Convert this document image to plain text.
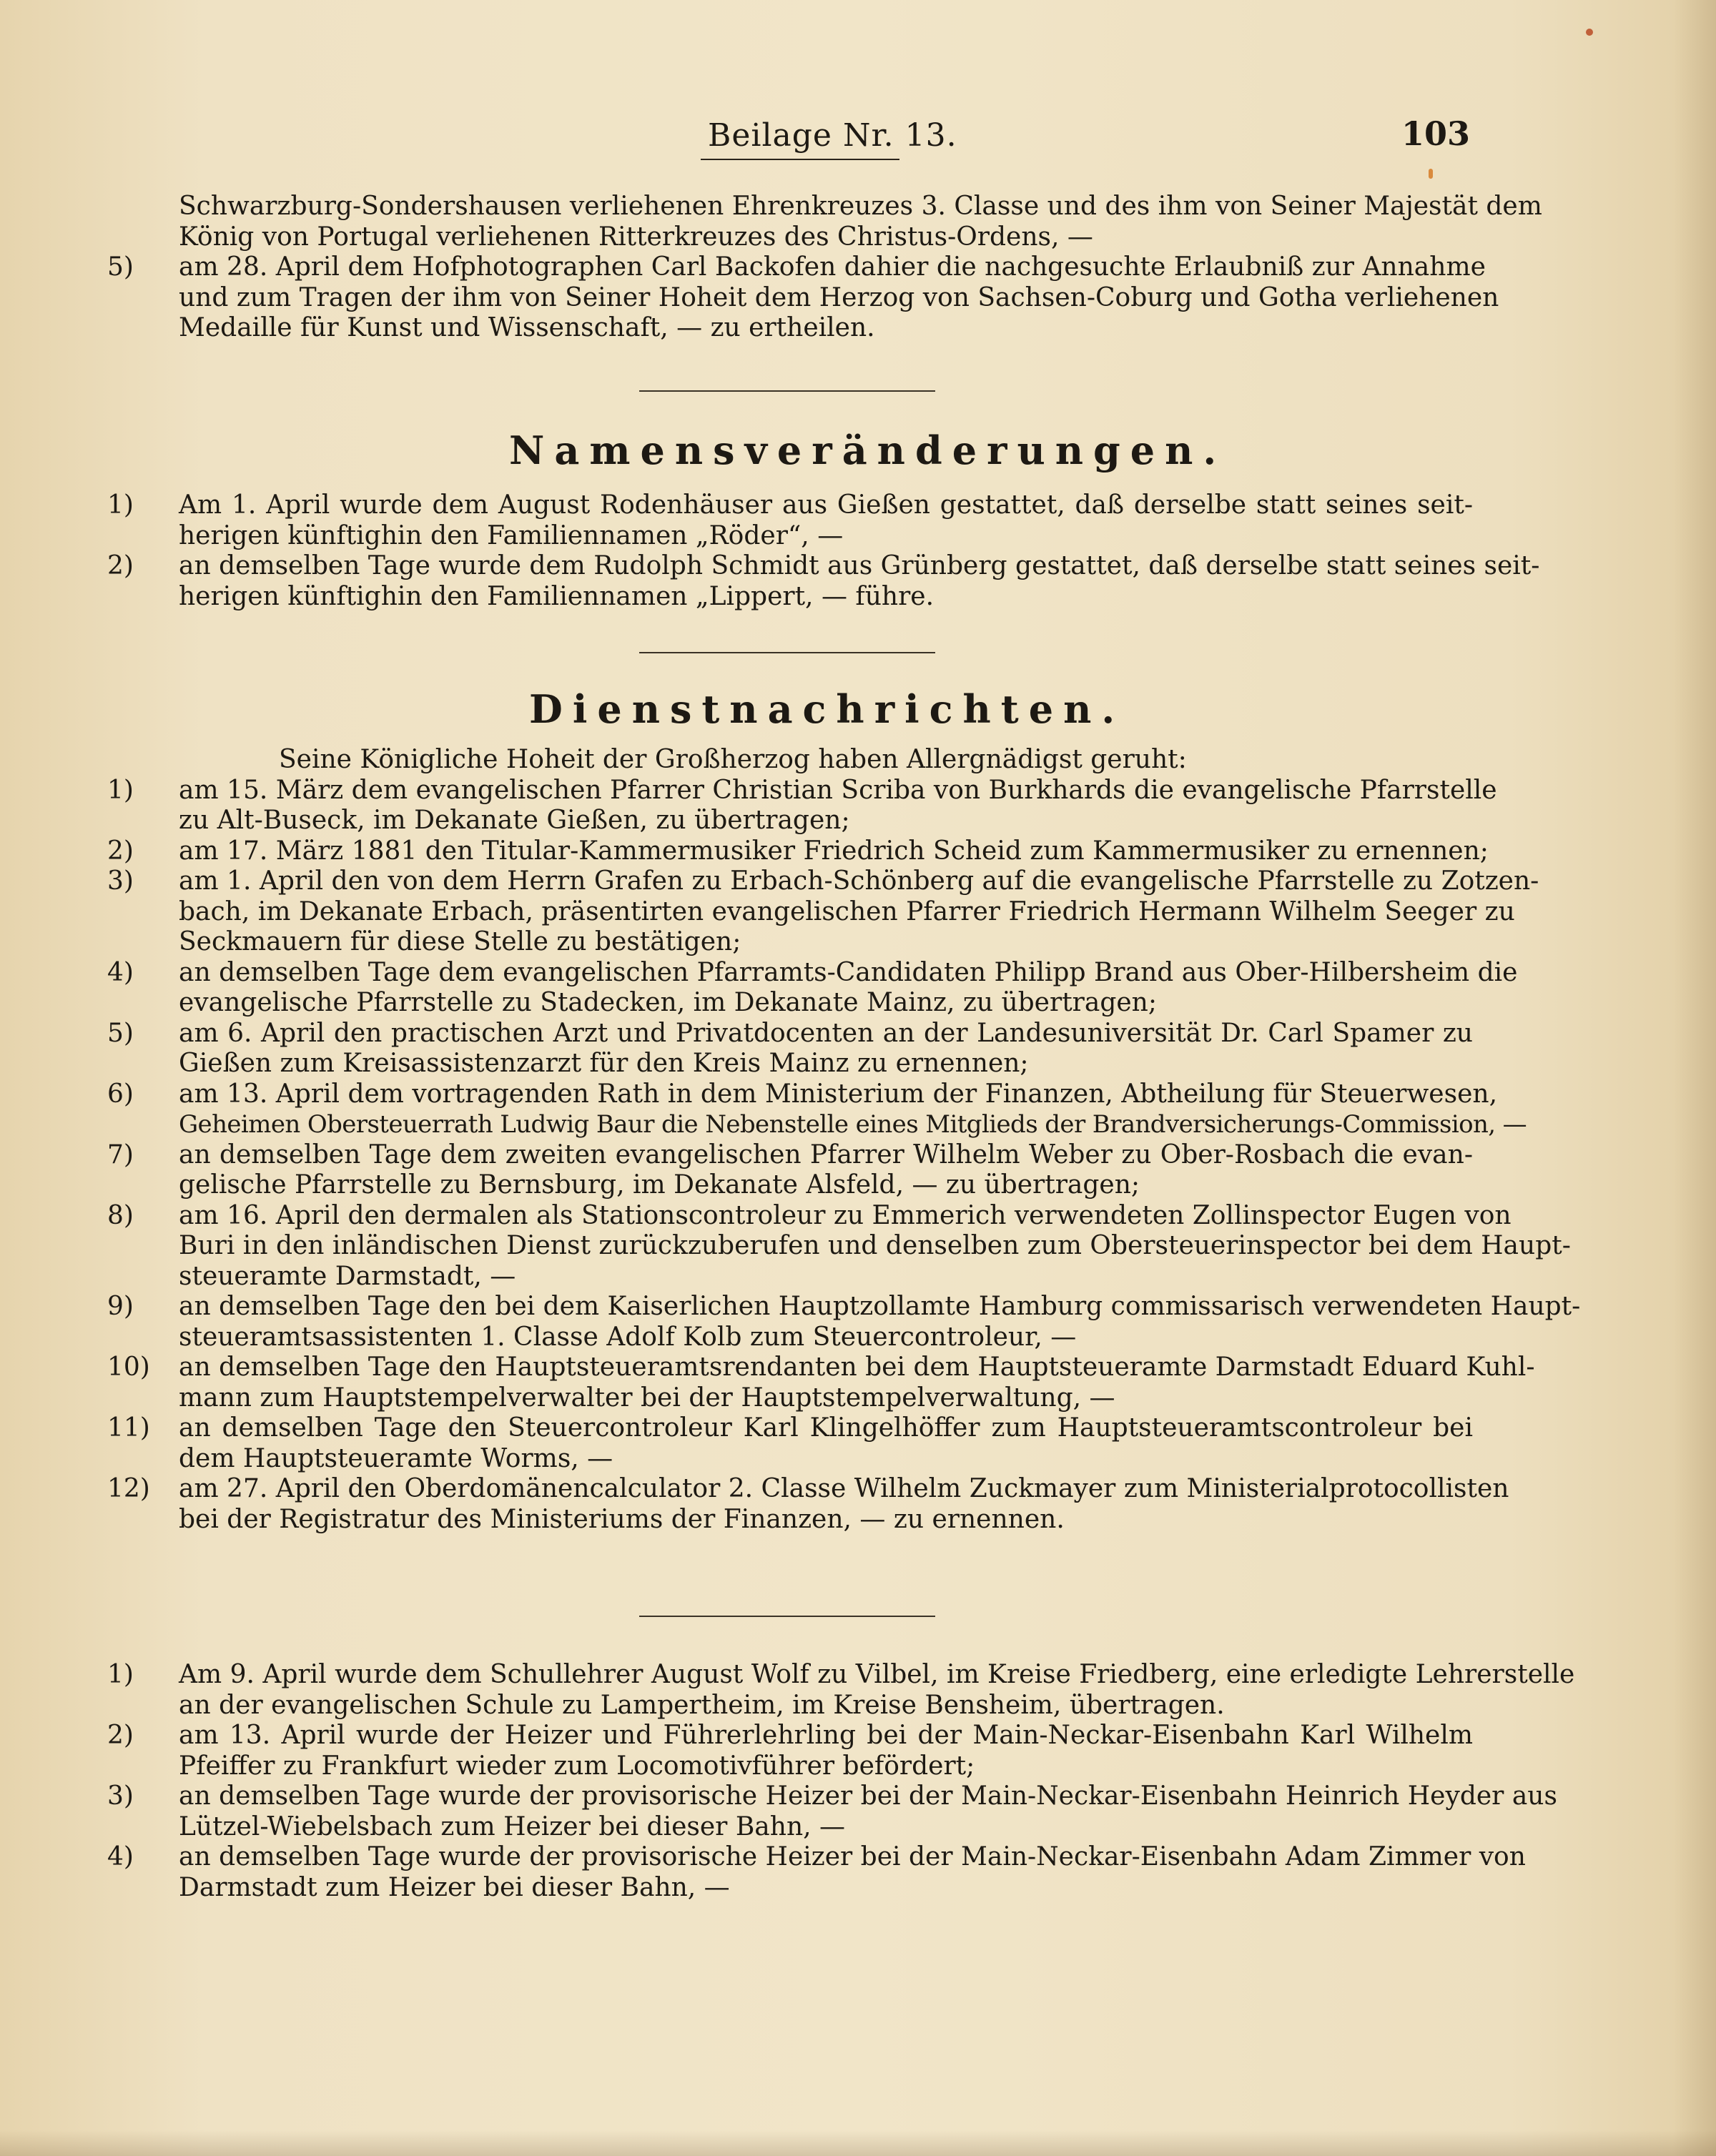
Beilage Nr. 13.	103
Schwarzburg-Sondershausen verliehenen Ehrenkreuzes 3. Classe und des ihm von Seiner Majestät dem
König von Portugal verliehenen Ritterkreuzes des Christus-Ordens, —
5)	am 28. April dem Hofphotographen Carl Backofen dahier die nachgesuchte Erlaubniß zur Annahme
und zum Tragen der ihm von Seiner Hoheit dem Herzog von Sachsen-Coburg und Gotha verliehenen
Medaille für Kunst und Wissenschaft, — zu ertheilen.
Namensveränderungen.
1)	Am 1. April wurde dem August Rodenhäuser aus Gießen gestattet, daß derselbe statt seines seit-
herigen künftighin den Familiennamen „Röder“, —
2)	an demselben Tage wurde dem Rudolph Schmidt aus Grünberg gestattet, daß derselbe statt seines seit-
herigen künftighin den Familiennamen „Lippert, — führe.
Dienstnachrichten.
Seine Königliche Hoheit der Großherzog haben Allergnädigst geruht:
1)	am 15. März dem evangelischen Pfarrer Christian Scriba von Burkhards die evangelische Pfarrstelle
zu Alt-Buseck, im Dekanate Gießen, zu übertragen;
2)	am 17. März 1881 den Titular-Kammermusiker Friedrich Scheid zum Kammermusiker zu ernennen;
3)	am 1. April den von dem Herrn Grafen zu Erbach-Schönberg auf die evangelische Pfarrstelle zu Zotzen-
bach, im Dekanate Erbach, präsentirten evangelischen Pfarrer Friedrich Hermann Wilhelm Seeger zu
Seckmauern für diese Stelle zu bestätigen;
4)	an demselben Tage dem evangelischen Pfarramts-Candidaten Philipp Brand aus Ober-Hilbersheim die
evangelische Pfarrstelle zu Stadecken, im Dekanate Mainz, zu übertragen;
5)	am 6. April den practischen Arzt und Privatdocenten an der Landesuniversität Dr. Carl Spamer zu
Gießen zum Kreisassistenzarzt für den Kreis Mainz zu ernennen;
6)	am 13. April dem vortragenden Rath in dem Ministerium der Finanzen, Abtheilung für Steuerwesen,
Geheimen Obersteuerrath Ludwig Baur die Nebenstelle eines Mitglieds der Brandversicherungs-Commission, —
7)	an demselben Tage dem zweiten evangelischen Pfarrer Wilhelm Weber zu Ober-Rosbach die evan-
gelische Pfarrstelle zu Bernsburg, im Dekanate Alsfeld, — zu übertragen;
8)	am 16. April den dermalen als Stationscontroleur zu Emmerich verwendeten Zollinspector Eugen von
Buri in den inländischen Dienst zurückzuberufen und denselben zum Obersteuerinspector bei dem Haupt-
steueramte Darmstadt, —
9)	an demselben Tage den bei dem Kaiserlichen Hauptzollamte Hamburg commissarisch verwendeten Haupt-
steueramtsassistenten 1. Classe Adolf Kolb zum Steuercontroleur, —
10)	an demselben Tage den Hauptsteueramtsrendanten bei dem Hauptsteueramte Darmstadt Eduard Kuhl-
mann zum Hauptstempelverwalter bei der Hauptstempelverwaltung, —
11)	an demselben Tage den Steuercontroleur Karl Klingelhöffer zum Hauptsteueramtscontroleur bei
dem Hauptsteueramte Worms, —
12)	am 27. April den Oberdomänencalculator 2. Classe Wilhelm Zuckmayer zum Ministerialprotocollisten
bei der Registratur des Ministeriums der Finanzen, — zu ernennen.
1)	Am 9. April wurde dem Schullehrer August Wolf zu Vilbel, im Kreise Friedberg, eine erledigte Lehrerstelle
an der evangelischen Schule zu Lampertheim, im Kreise Bensheim, übertragen.
2)	am 13. April wurde der Heizer und Führerlehrling bei der Main-Neckar-Eisenbahn Karl Wilhelm
Pfeiffer zu Frankfurt wieder zum Locomotivführer befördert;
3)	an demselben Tage wurde der provisorische Heizer bei der Main-Neckar-Eisenbahn Heinrich Heyder aus
Lützel-Wiebelsbach zum Heizer bei dieser Bahn, —
4)	an demselben Tage wurde der provisorische Heizer bei der Main-Neckar-Eisenbahn Adam Zimmer von
Darmstadt zum Heizer bei dieser Bahn, —
